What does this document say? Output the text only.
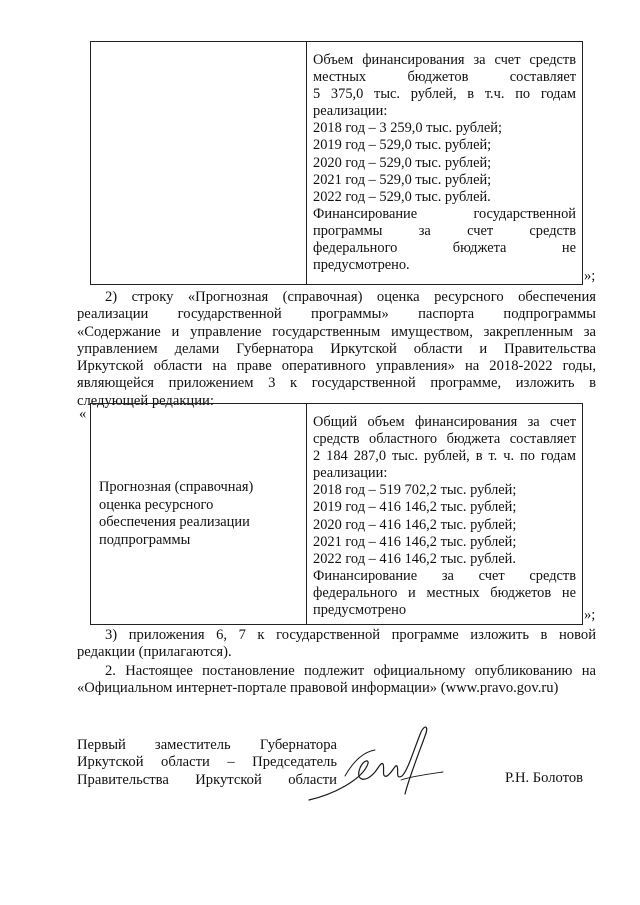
Объем финансирования за счет средств
местных бюджетов составляет
5 375,0 тыс. рублей, в т.ч. по годам
реализации:
2018 год – 3 259,0 тыс. рублей;
2019 год – 529,0 тыс. рублей;
2020 год – 529,0 тыс. рублей;
2021 год – 529,0 тыс. рублей;
2022 год – 529,0 тыс. рублей.
Финансирование государственной
программы за счет средств
федерального бюджета не
предусмотрено.
»;
2) строку «Прогнозная (справочная) оценка ресурсного обеспечения
реализации государственной программы» паспорта подпрограммы
«Содержание и управление государственным имуществом, закрепленным за
управлением делами Губернатора Иркутской области и Правительства
Иркутской области на праве оперативного управления» на 2018-2022 годы,
являющейся приложением 3 к государственной программе, изложить в
следующей редакции:
«
Прогнозная (справочная)
оценка ресурсного
обеспечения реализации
подпрограммы

Общий объем финансирования за счет
средств областного бюджета составляет
2 184 287,0 тыс. рублей, в т. ч. по годам
реализации:
2018 год – 519 702,2 тыс. рублей;
2019 год – 416 146,2 тыс. рублей;
2020 год – 416 146,2 тыс. рублей;
2021 год – 416 146,2 тыс. рублей;
2022 год – 416 146,2 тыс. рублей.
Финансирование за счет средств
федерального и местных бюджетов не
предусмотрено	»;
3) приложения 6, 7 к государственной программе изложить в новой
редакции (прилагаются).
2. Настоящее постановление подлежит официальному опубликованию на
«Официальном интернет-портале правовой информации» (www.pravo.gov.ru)
Первый заместитель Губернатора
Иркутской области – Председатель
Правительства Иркутской области	Р.Н. Болотов
